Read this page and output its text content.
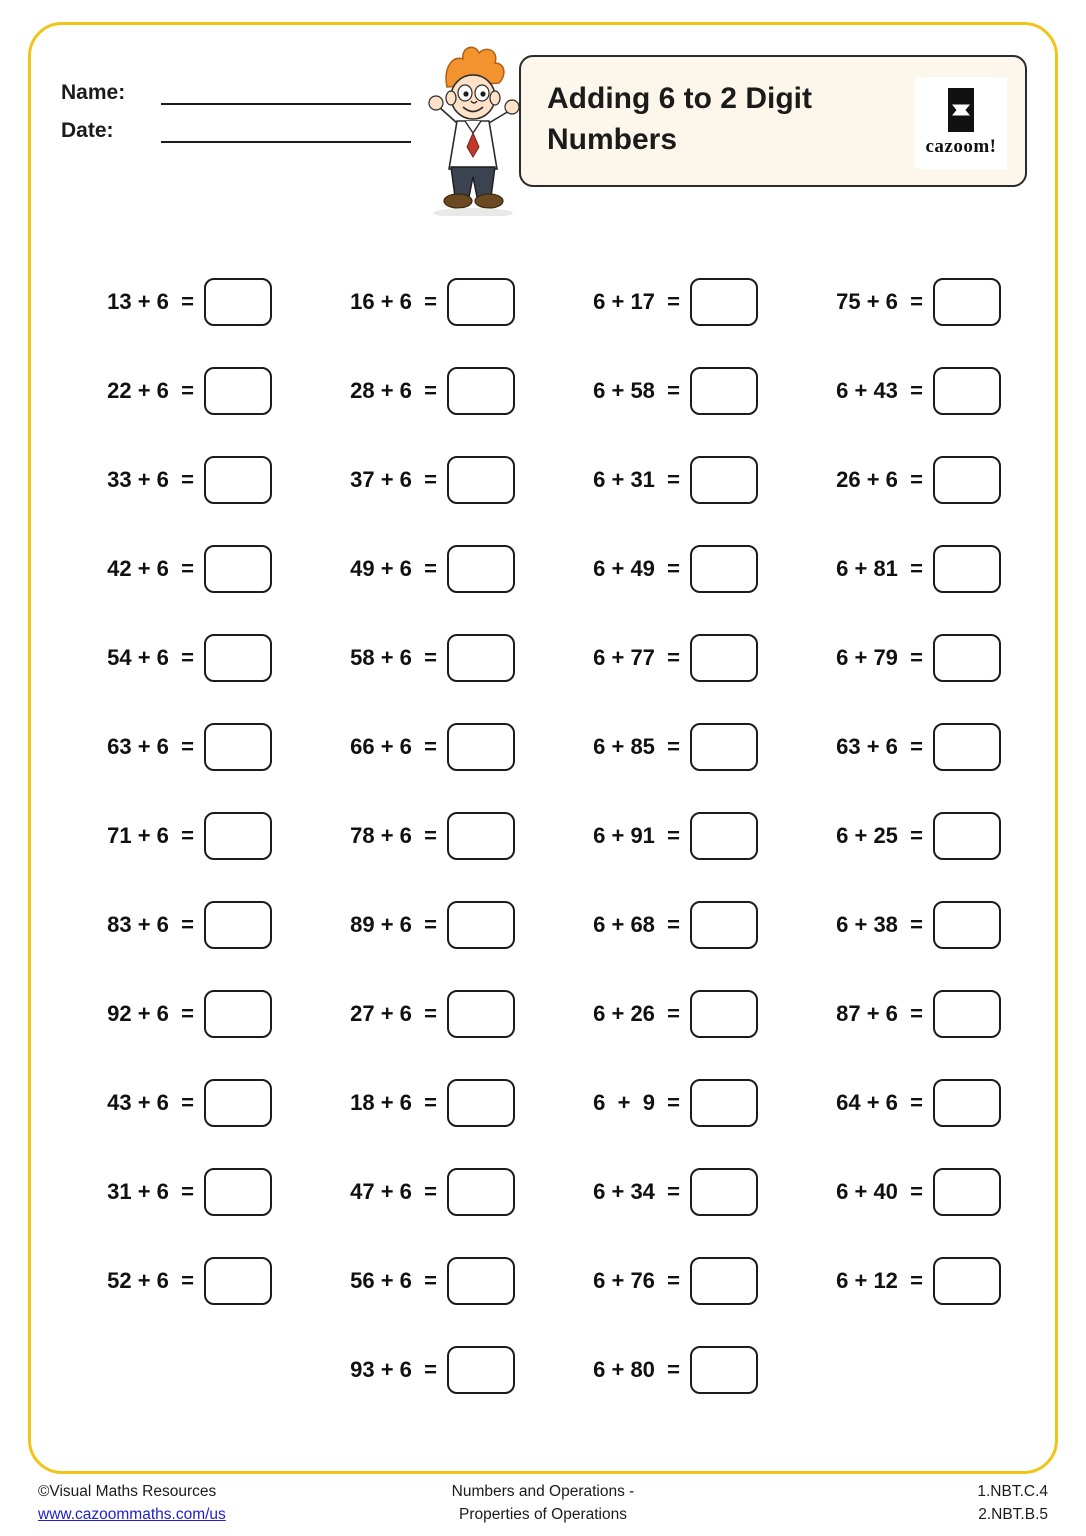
Name:
Date:
Adding 6 to 2 Digit Numbers	cazoom!
13 + 6  =
22 + 6  =
33 + 6  =
42 + 6  =
54 + 6  =
63 + 6  =
71 + 6  =
83 + 6  =
92 + 6  =
43 + 6  =
31 + 6  =
52 + 6  =
16 + 6  =
28 + 6  =
37 + 6  =
49 + 6  =
58 + 6  =
66 + 6  =
78 + 6  =
89 + 6  =
27 + 6  =
18 + 6  =
47 + 6  =
56 + 6  =
93 + 6  =
6 + 17  =
6 + 58  =
6 + 31  =
6 + 49  =
6 + 77  =
6 + 85  =
6 + 91  =
6 + 68  =
6 + 26  =
6  +  9  =
6 + 34  =
6 + 76  =
6 + 80  =
75 + 6  =
6 + 43  =
26 + 6  =
6 + 81  =
6 + 79  =
63 + 6  =
6 + 25  =
6 + 38  =
87 + 6  =
64 + 6  =
6 + 40  =
6 + 12  =
©Visual Maths Resources
www.cazoommaths.com/us
Numbers and Operations -
Properties of Operations
1.NBT.C.4
2.NBT.B.5
